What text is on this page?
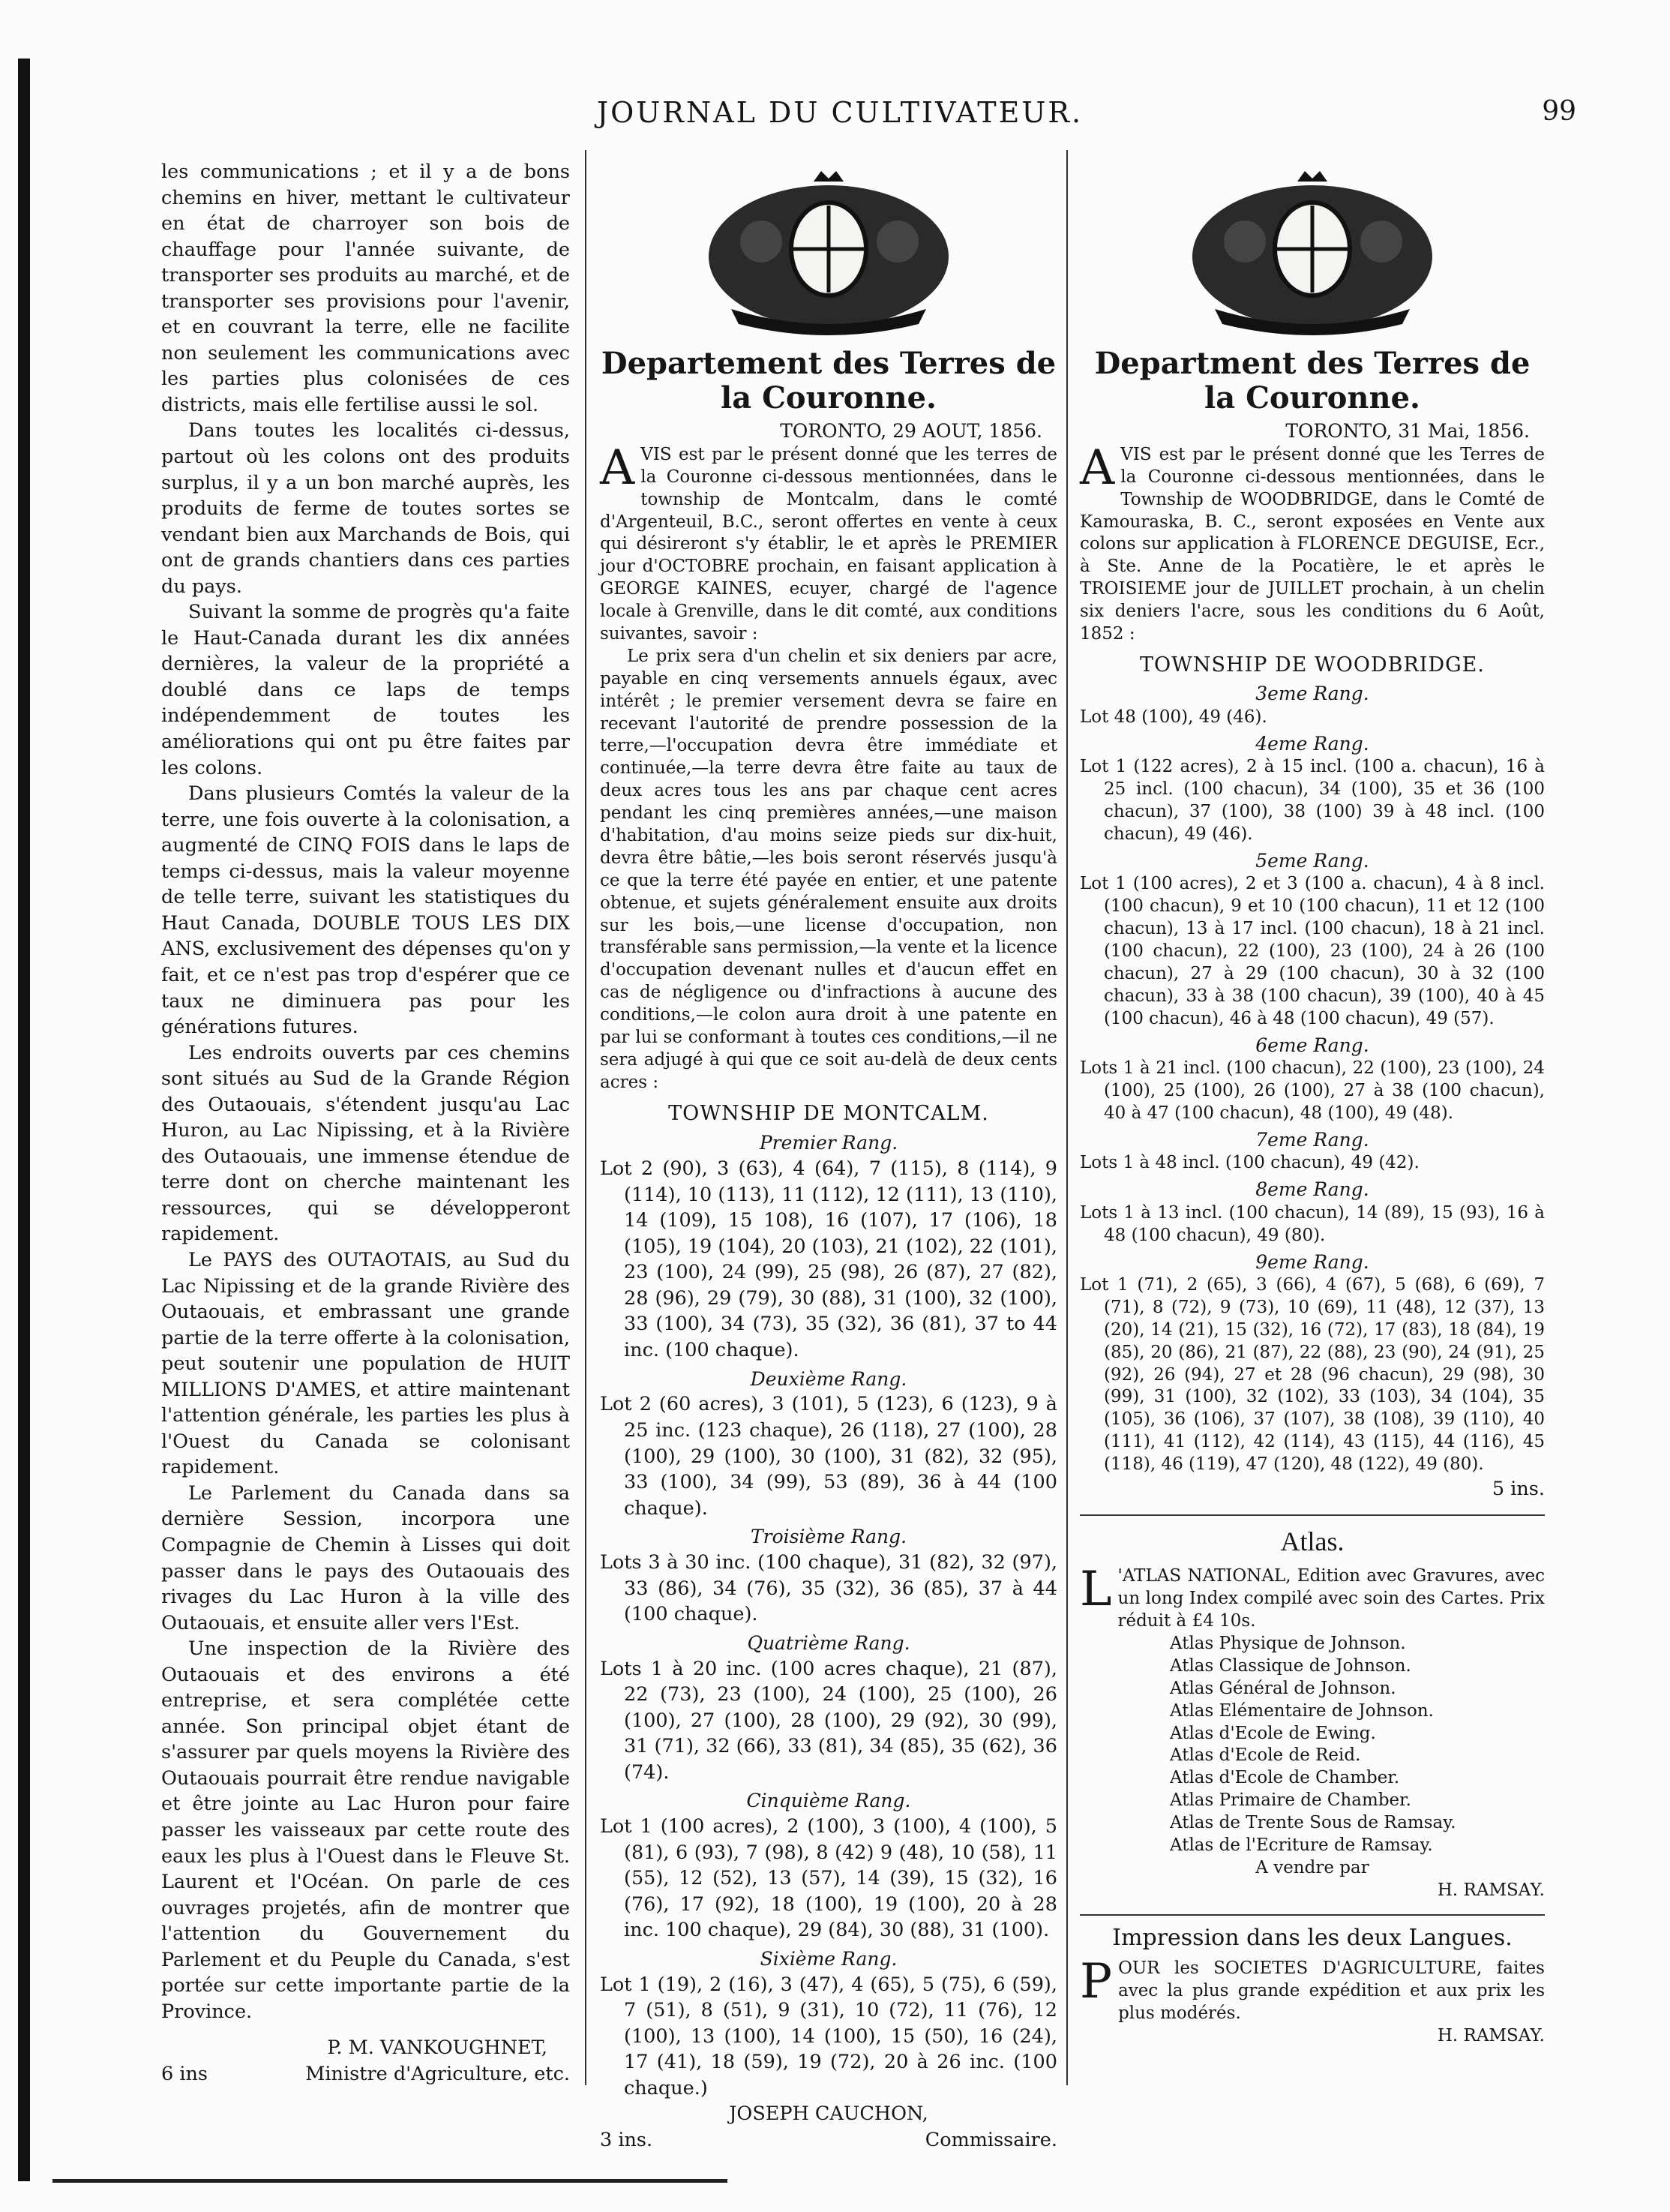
JOURNAL DU CULTIVATEUR.	99

les communications ; et il y a de bons chemins en hiver, mettant le cultivateur en état de charroyer son bois de chauffage pour l'année suivante, de transporter ses produits au marché, et de transporter ses provisions pour l'avenir, et en couvrant la terre, elle ne facilite non seulement les communications avec les parties plus colonisées de ces districts, mais elle fertilise aussi le sol.

Dans toutes les localités ci-dessus, partout où les colons ont des produits surplus, il y a un bon marché auprès, les produits de ferme de toutes sortes se vendant bien aux Marchands de Bois, qui ont de grands chantiers dans ces parties du pays.

Suivant la somme de progrès qu'a faite le Haut-Canada durant les dix années dernières, la valeur de la propriété a doublé dans ce laps de temps indépendemment de toutes les améliorations qui ont pu être faites par les colons.

Dans plusieurs Comtés la valeur de la terre, une fois ouverte à la colonisation, a augmenté de CINQ FOIS dans le laps de temps ci-dessus, mais la valeur moyenne de telle terre, suivant les statistiques du Haut Canada, DOUBLE TOUS LES DIX ANS, exclusivement des dépenses qu'on y fait, et ce n'est pas trop d'espérer que ce taux ne diminuera pas pour les générations futures.

Les endroits ouverts par ces chemins sont situés au Sud de la Grande Région des Outaouais, s'étendent jusqu'au Lac Huron, au Lac Nipissing, et à la Rivière des Outaouais, une immense étendue de terre dont on cherche maintenant les ressources, qui se développeront rapidement.

Le PAYS des OUTAOTAIS, au Sud du Lac Nipissing et de la grande Rivière des Outaouais, et embrassant une grande partie de la terre offerte à la colonisation, peut soutenir une population de HUIT MILLIONS D'AMES, et attire maintenant l'attention générale, les parties les plus à l'Ouest du Canada se colonisant rapidement.

Le Parlement du Canada dans sa dernière Session, incorpora une Compagnie de Chemin à Lisses qui doit passer dans le pays des Outaouais des rivages du Lac Huron à la ville des Outaouais, et ensuite aller vers l'Est.

Une inspection de la Rivière des Outaouais et des environs a été entreprise, et sera complétée cette année. Son principal objet étant de s'assurer par quels moyens la Rivière des Outaouais pourrait être rendue navigable et être jointe au Lac Huron pour faire passer les vaisseaux par cette route des eaux les plus à l'Ouest dans le Fleuve St. Laurent et l'Océan. On parle de ces ouvrages projetés, afin de montrer que l'attention du Gouvernement du Parlement et du Peuple du Canada, s'est portée sur cette importante partie de la Province.

P. M. VANKOUGHNET,
6 ins	Ministre d'Agriculture, etc.
Departement des Terres de la Couronne.
TORONTO, 29 AOUT, 1856.

A VIS est par le présent donné que les terres de la Couronne ci-dessous mentionnées, dans le township de Montcalm, dans le comté d'Argenteuil, B.C., seront offertes en vente à ceux qui désireront s'y établir, le et après le PREMIER jour d'OCTOBRE prochain, en faisant application à GEORGE KAINES, ecuyer, chargé de l'agence locale à Grenville, dans le dit comté, aux conditions suivantes, savoir :

Le prix sera d'un chelin et six deniers par acre, payable en cinq versements annuels égaux, avec intérêt ; le premier versement devra se faire en recevant l'autorité de prendre possession de la terre,—l'occupation devra être immédiate et continuée,—la terre devra être faite au taux de deux acres tous les ans par chaque cent acres pendant les cinq premières années,—une maison d'habitation, d'au moins seize pieds sur dix-huit, devra être bâtie,—les bois seront réservés jusqu'à ce que la terre été payée en entier, et une patente obtenue, et sujets généralement ensuite aux droits sur les bois,—une license d'occupation, non transférable sans permission,—la vente et la licence d'occupation devenant nulles et d'aucun effet en cas de négligence ou d'infractions à aucune des conditions,—le colon aura droit à une patente en par lui se conformant à toutes ces conditions,—il ne sera adjugé à qui que ce soit au-delà de deux cents acres :

TOWNSHIP DE MONTCALM.
Premier Rang.

Lot 2 (90), 3 (63), 4 (64), 7 (115), 8 (114), 9 (114), 10 (113), 11 (112), 12 (111), 13 (110), 14 (109), 15 108), 16 (107), 17 (106), 18 (105), 19 (104), 20 (103), 21 (102), 22 (101), 23 (100), 24 (99), 25 (98), 26 (87), 27 (82), 28 (96), 29 (79), 30 (88), 31 (100), 32 (100), 33 (100), 34 (73), 35 (32), 36 (81), 37 to 44 inc. (100 chaque).

Deuxième Rang.

Lot 2 (60 acres), 3 (101), 5 (123), 6 (123), 9 à 25 inc. (123 chaque), 26 (118), 27 (100), 28 (100), 29 (100), 30 (100), 31 (82), 32 (95), 33 (100), 34 (99), 53 (89), 36 à 44 (100 chaque).

Troisième Rang.

Lots 3 à 30 inc. (100 chaque), 31 (82), 32 (97), 33 (86), 34 (76), 35 (32), 36 (85), 37 à 44 (100 chaque).

Quatrième Rang.

Lots 1 à 20 inc. (100 acres chaque), 21 (87), 22 (73), 23 (100), 24 (100), 25 (100), 26 (100), 27 (100), 28 (100), 29 (92), 30 (99), 31 (71), 32 (66), 33 (81), 34 (85), 35 (62), 36 (74).

Cinquième Rang.

Lot 1 (100 acres), 2 (100), 3 (100), 4 (100), 5 (81), 6 (93), 7 (98), 8 (42) 9 (48), 10 (58), 11 (55), 12 (52), 13 (57), 14 (39), 15 (32), 16 (76), 17 (92), 18 (100), 19 (100), 20 à 28 inc. 100 chaque), 29 (84), 30 (88), 31 (100).

Sixième Rang.

Lot 1 (19), 2 (16), 3 (47), 4 (65), 5 (75), 6 (59), 7 (51), 8 (51), 9 (31), 10 (72), 11 (76), 12 (100), 13 (100), 14 (100), 15 (50), 16 (24), 17 (41), 18 (59), 19 (72), 20 à 26 inc. (100 chaque.)

JOSEPH CAUCHON,
3 ins.	Commissaire.
Department des Terres de la Couronne.
TORONTO, 31 Mai, 1856.

A VIS est par le présent donné que les Terres de la Couronne ci-dessous mentionnées, dans le Township de WOODBRIDGE, dans le Comté de Kamouraska, B. C., seront exposées en Vente aux colons sur application à FLORENCE DEGUISE, Ecr., à Ste. Anne de la Pocatière, le et après le TROISIEME jour de JUILLET prochain, à un chelin six deniers l'acre, sous les conditions du 6 Août, 1852 :

TOWNSHIP DE WOODBRIDGE.
3eme Rang.

Lot 48 (100), 49 (46).

4eme Rang.

Lot 1 (122 acres), 2 à 15 incl. (100 a. chacun), 16 à 25 incl. (100 chacun), 34 (100), 35 et 36 (100 chacun), 37 (100), 38 (100) 39 à 48 incl. (100 chacun), 49 (46).

5eme Rang.

Lot 1 (100 acres), 2 et 3 (100 a. chacun), 4 à 8 incl. (100 chacun), 9 et 10 (100 chacun), 11 et 12 (100 chacun), 13 à 17 incl. (100 chacun), 18 à 21 incl. (100 chacun), 22 (100), 23 (100), 24 à 26 (100 chacun), 27 à 29 (100 chacun), 30 à 32 (100 chacun), 33 à 38 (100 chacun), 39 (100), 40 à 45 (100 chacun), 46 à 48 (100 chacun), 49 (57).

6eme Rang.

Lots 1 à 21 incl. (100 chacun), 22 (100), 23 (100), 24 (100), 25 (100), 26 (100), 27 à 38 (100 chacun), 40 à 47 (100 chacun), 48 (100), 49 (48).

7eme Rang.

Lots 1 à 48 incl. (100 chacun), 49 (42).

8eme Rang.

Lots 1 à 13 incl. (100 chacun), 14 (89), 15 (93), 16 à 48 (100 chacun), 49 (80).

9eme Rang.

Lot 1 (71), 2 (65), 3 (66), 4 (67), 5 (68), 6 (69), 7 (71), 8 (72), 9 (73), 10 (69), 11 (48), 12 (37), 13 (20), 14 (21), 15 (32), 16 (72), 17 (83), 18 (84), 19 (85), 20 (86), 21 (87), 22 (88), 23 (90), 24 (91), 25 (92), 26 (94), 27 et 28 (96 chacun), 29 (98), 30 (99), 31 (100), 32 (102), 33 (103), 34 (104), 35 (105), 36 (106), 37 (107), 38 (108), 39 (110), 40 (111), 41 (112), 42 (114), 43 (115), 44 (116), 45 (118), 46 (119), 47 (120), 48 (122), 49 (80).

5 ins.
Atlas.

L 'ATLAS NATIONAL, Edition avec Gravures, avec un long Index compilé avec soin des Cartes. Prix réduit à £4 10s.

Atlas Physique de Johnson.
Atlas Classique de Johnson.
Atlas Général de Johnson.
Atlas Elémentaire de Johnson.
Atlas d'Ecole de Ewing.
Atlas d'Ecole de Reid.
Atlas d'Ecole de Chamber.
Atlas Primaire de Chamber.
Atlas de Trente Sous de Ramsay.
Atlas de l'Ecriture de Ramsay.
A vendre par
H. RAMSAY.
Impression dans les deux Langues.

P OUR les SOCIETES D'AGRICULTURE, faites avec la plus grande expédition et aux prix les plus modérés.

H. RAMSAY.
